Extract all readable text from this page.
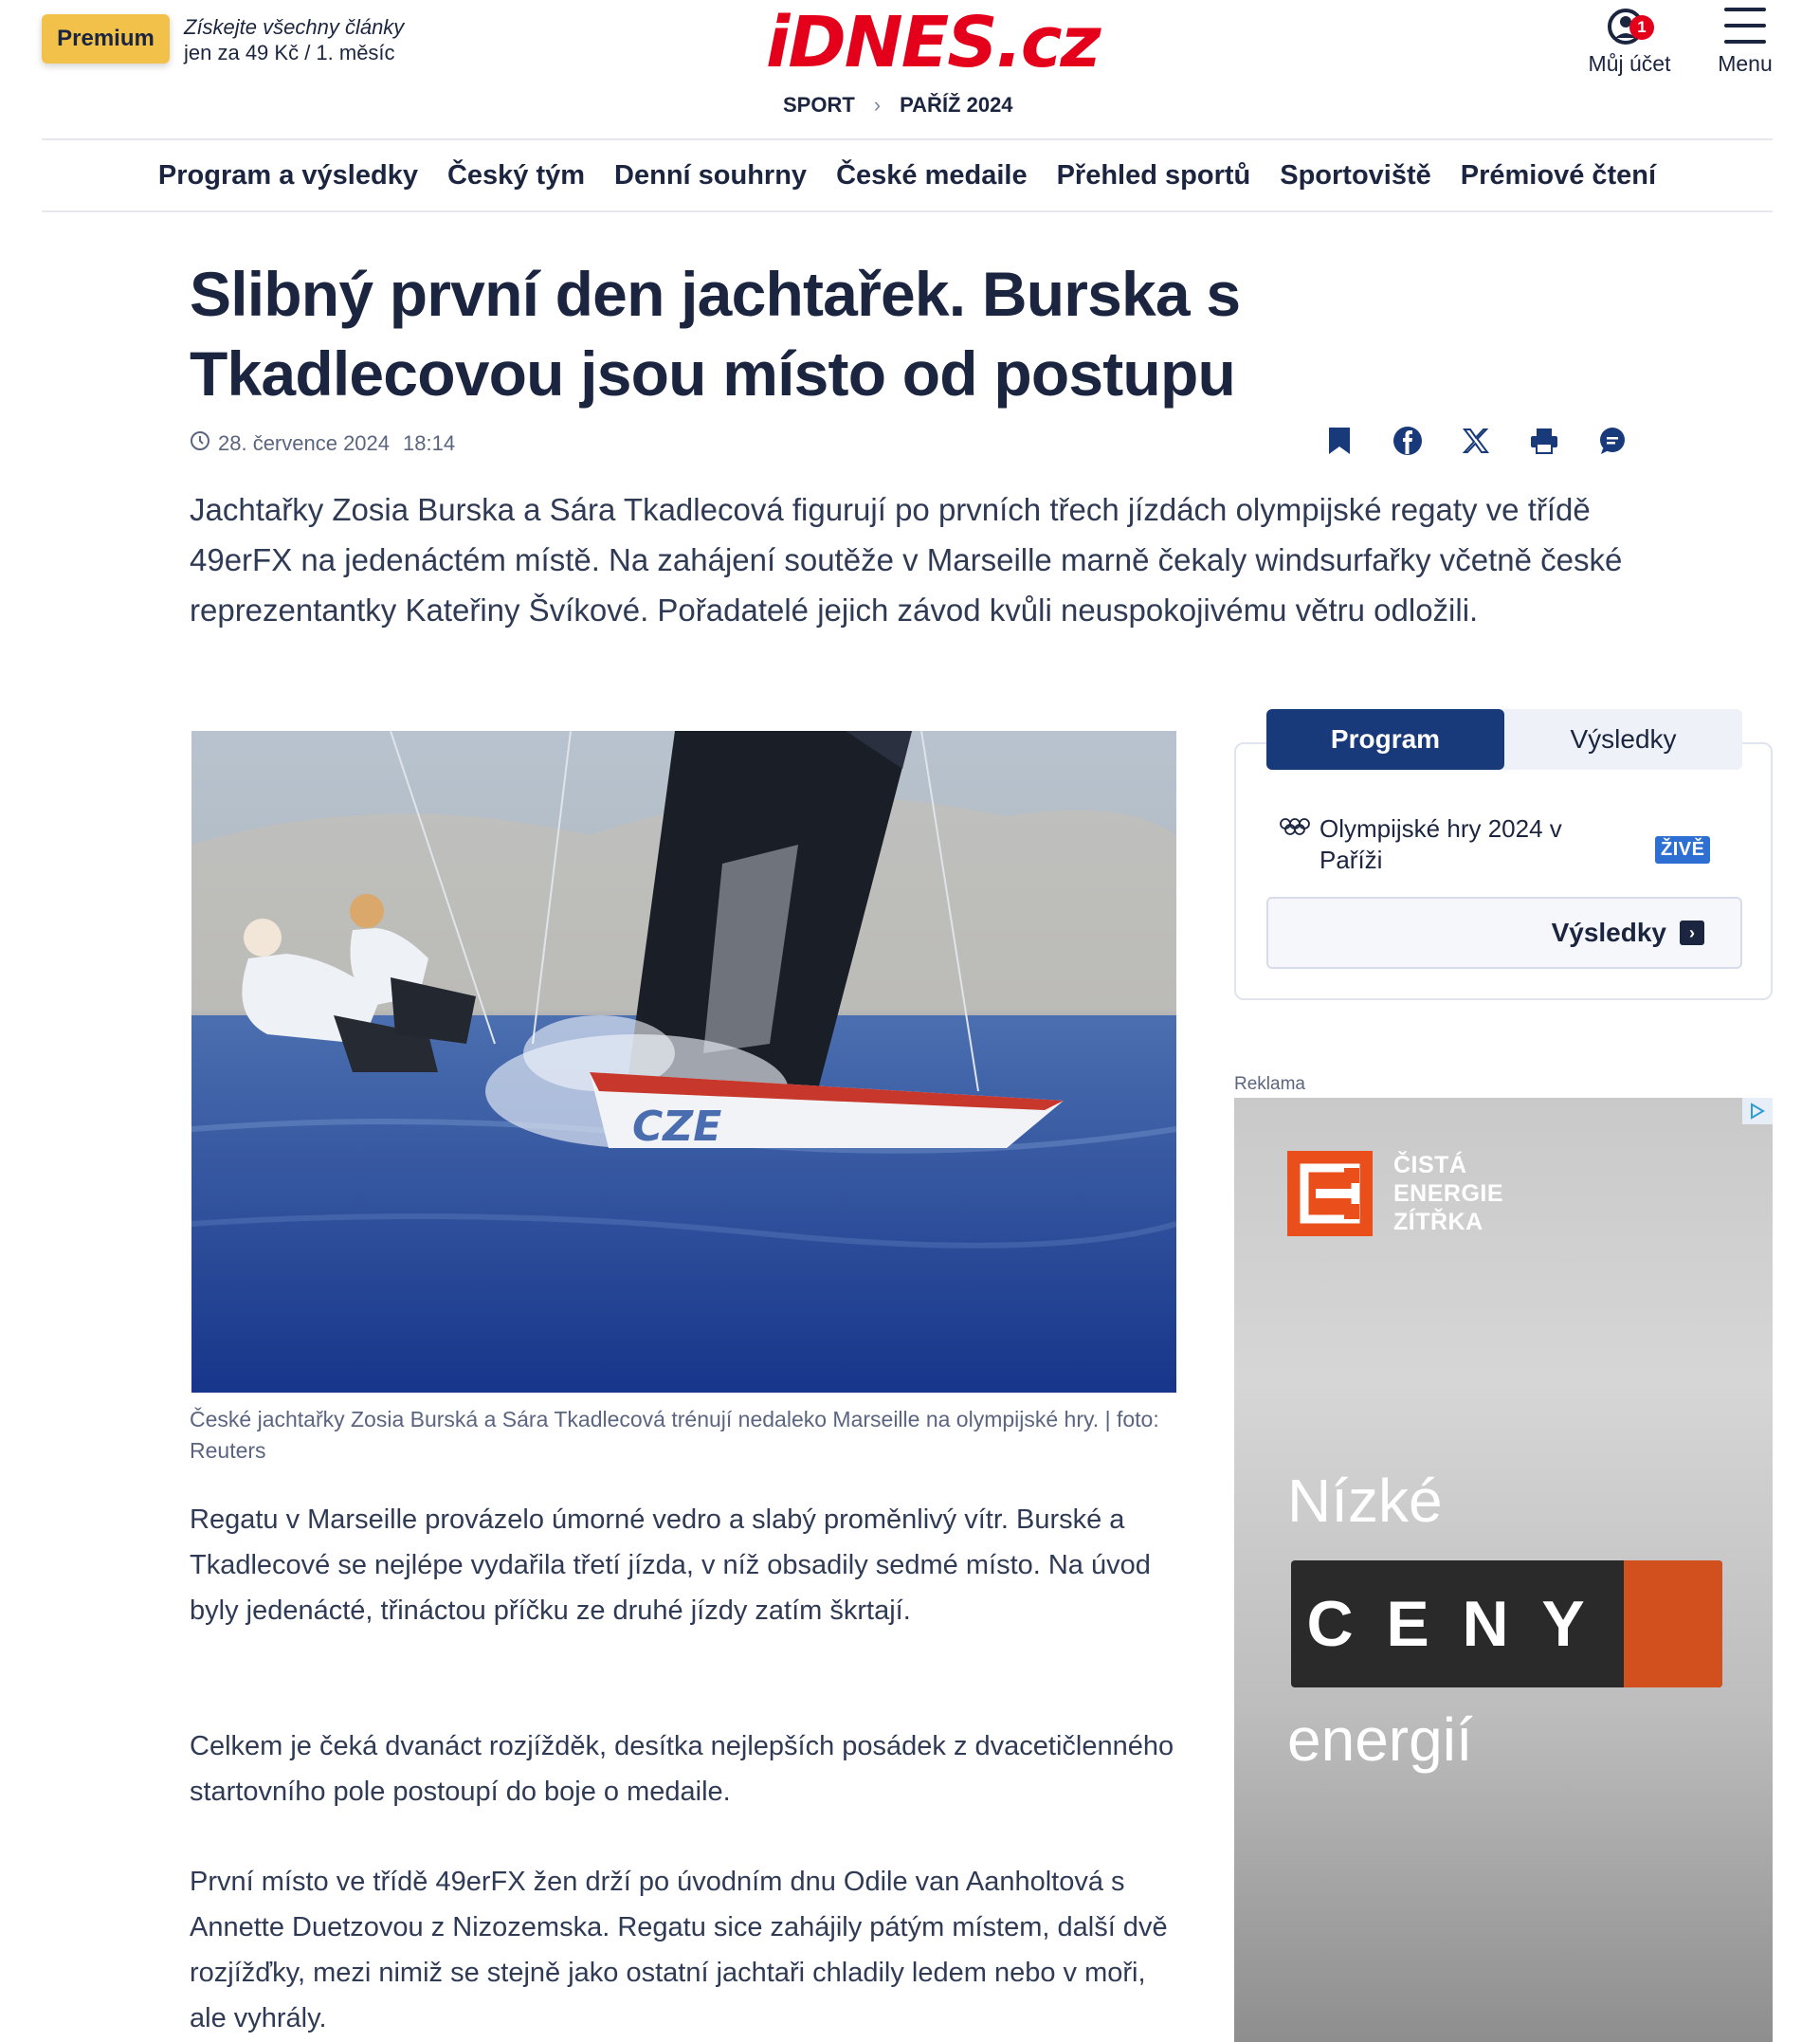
Premium	Získejte všechny články
jen za 49 Kč / 1. měsíc	iDNES.cz
SPORT › PAŘÍŽ 2024
1
Můj účet	Menu
Program a výsledky Český tým Denní souhrny České medaile Přehled sportů Sportoviště Prémiové čtení
Slibný první den jachtařek. Burska s Tkadlecovou jsou místo od postupu
28. července 2024 18:14

Jachtařky Zosia Burska a Sára Tkadlecová figurují po prvních třech jízdách olympijské regaty ve třídě 49erFX na jedenáctém místě. Na zahájení soutěže v Marseille marně čekaly windsurfařky včetně české reprezentantky Kateřiny Švíkové. Pořadatelé jejich závod kvůli neuspokojivému větru odložili.

CZE

České jachtařky Zosia Burská a Sára Tkadlecová trénují nedaleko Marseille na olympijské hry. | foto: Reuters

Regatu v Marseille provázelo úmorné vedro a slabý proměnlivý vítr. Burské a Tkadlecové se nejlépe vydařila třetí jízda, v níž obsadily sedmé místo. Na úvod byly jedenácté, třináctou příčku ze druhé jízdy zatím škrtají.

Celkem je čeká dvanáct rozjížděk, desítka nejlepších posádek z dvacetičlenného startovního pole postoupí do boje o medaile.

První místo ve třídě 49erFX žen drží po úvodním dnu Odile van Aanholtová s Annette Duetzovou z Nizozemska. Regatu sice zahájily pátým místem, další dvě rozjížďky, mezi nimiž se stejně jako ostatní jachtaři chladily ledem nebo v moři, ale vyhrály.

Program	Výsledky
Olympijské hry 2024 v Paříži	ŽIVĚ
Výsledky	›
Reklama
ČISTÁ
ENERGIE
ZÍTŘKA
Nízké
C E N Y
energií
